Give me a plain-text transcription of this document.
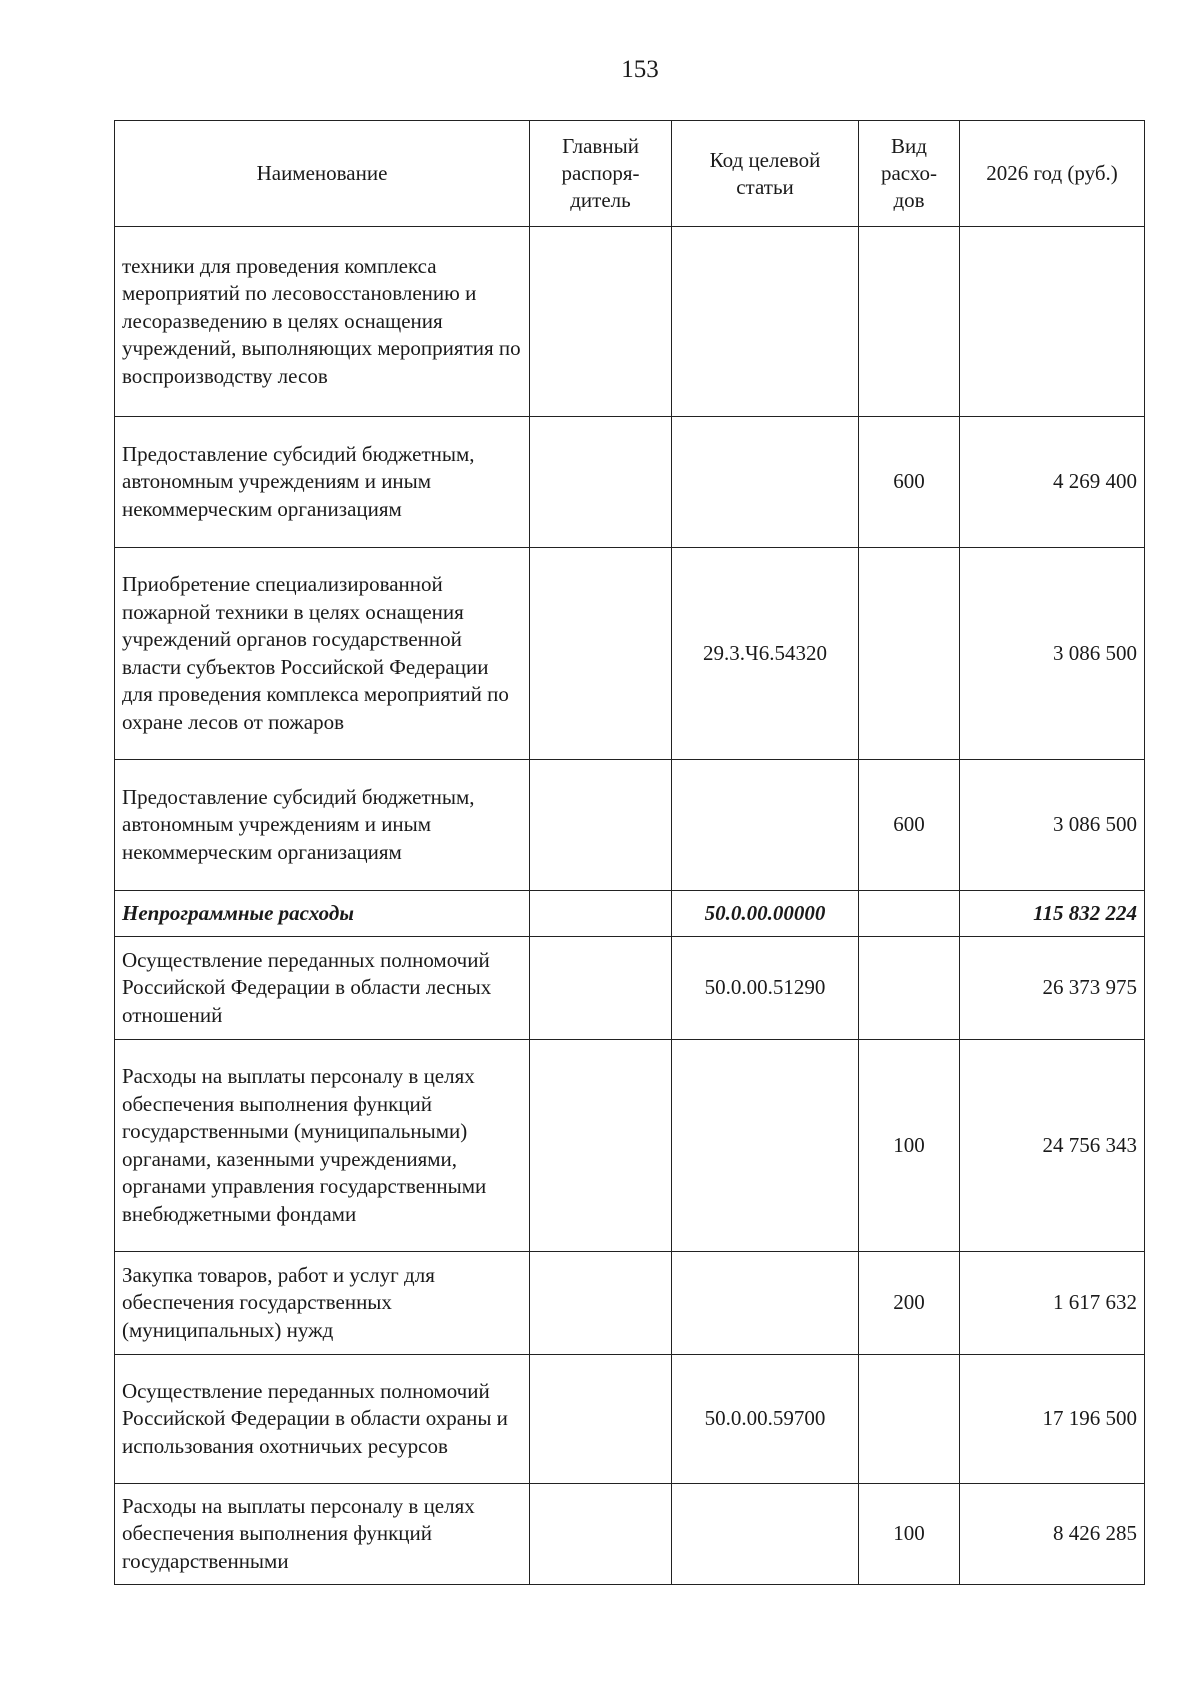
153
Наименование	Главный распоря-дитель	Код целевой статьи	Вид расхо-дов	2026 год (руб.)
техники для проведения комплекса мероприятий по лесовосстановлению и лесоразведению в целях оснащения учреждений, выполняющих мероприятия по воспроизводству лесов				
Предоставление субсидий бюджетным, автономным учреждениям и иным некоммерческим организациям			600	4 269 400
Приобретение специализированной пожарной техники в целях оснащения учреждений органов государственной власти субъектов Российской Федерации для проведения комплекса мероприятий по охране лесов от пожаров		29.3.Ч6.54320		3 086 500
Предоставление субсидий бюджетным, автономным учреждениям и иным некоммерческим организациям			600	3 086 500
Непрограммные расходы		50.0.00.00000		115 832 224
Осуществление переданных полномочий Российской Федерации в области лесных отношений		50.0.00.51290		26 373 975
Расходы на выплаты персоналу в целях обеспечения выполнения функций государственными (муниципальными) органами, казенными учреждениями, органами управления государственными внебюджетными фондами			100	24 756 343
Закупка товаров, работ и услуг для обеспечения государственных (муниципальных) нужд			200	1 617 632
Осуществление переданных полномочий Российской Федерации в области охраны и использования охотничьих ресурсов		50.0.00.59700		17 196 500
Расходы на выплаты персоналу в целях обеспечения выполнения функций государственными			100	8 426 285
